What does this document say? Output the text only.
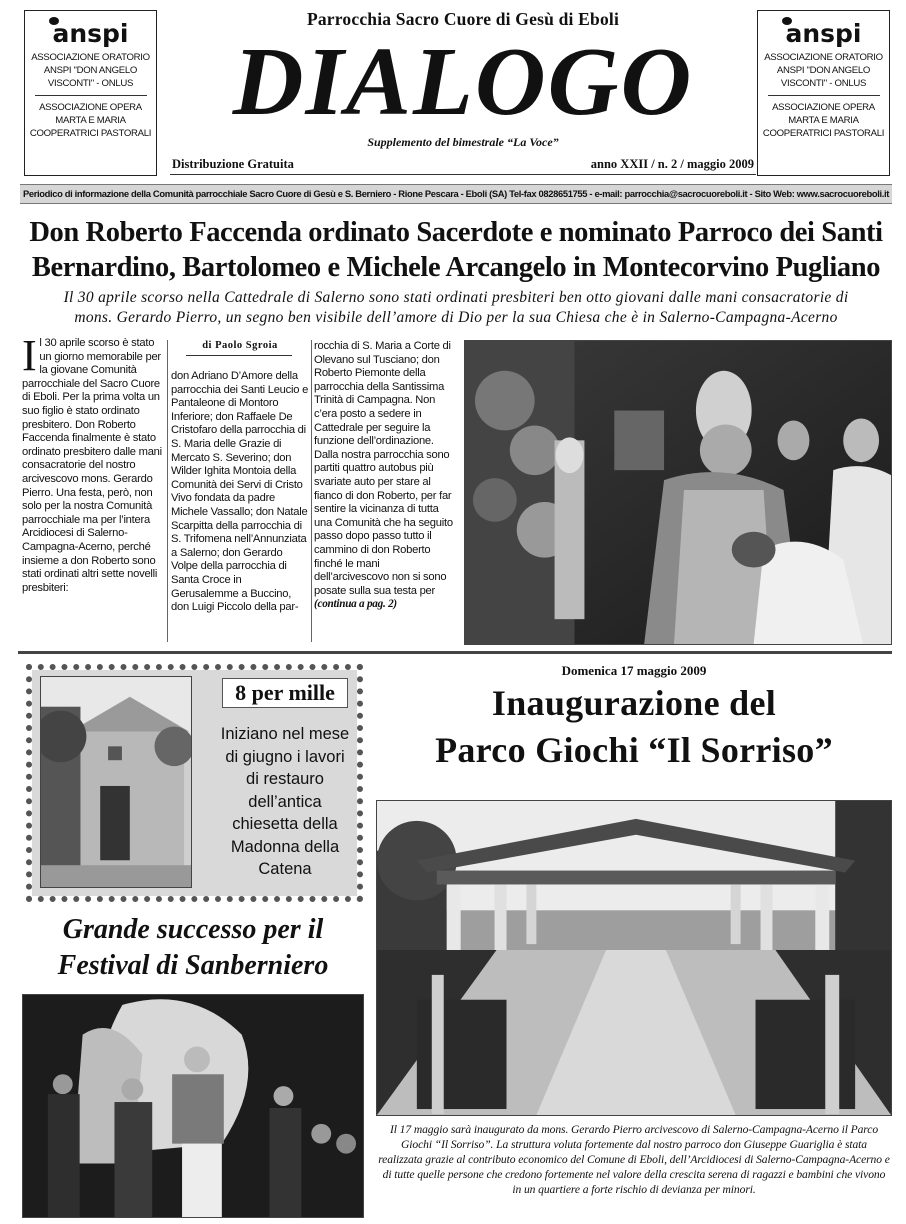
anspi
ASSOCIAZIONE ORATORIO
ANSPI "DON ANGELO
VISCONTI" - ONLUS
ASSOCIAZIONE OPERA
MARTA E MARIA
COOPERATRICI PASTORALI
anspi
ASSOCIAZIONE ORATORIO
ANSPI "DON ANGELO
VISCONTI" - ONLUS
ASSOCIAZIONE OPERA
MARTA E MARIA
COOPERATRICI PASTORALI
Parrocchia Sacro Cuore di Gesù di Eboli
DIALOGO
Supplemento del bimestrale “La Voce”
Distribuzione Gratuita	anno XXII / n. 2 / maggio 2009
Periodico di informazione della Comunità parrocchiale Sacro Cuore di Gesù e S. Berniero - Rione Pescara - Eboli (SA) Tel-fax 0828651755 - e-mail: parrocchia@sacrocuoreboli.it - Sito Web: www.sacrocuoreboli.it
Don Roberto Faccenda ordinato Sacerdote e nominato Parroco dei Santi
Bernardino, Bartolomeo e Michele Arcangelo in Montecorvino Pugliano
Il 30 aprile scorso nella Cattedrale di Salerno sono stati ordinati presbiteri ben otto giovani dalle mani consacratorie di
mons. Gerardo Pierro, un segno ben visibile dell’amore di Dio per la sua Chiesa che è in Salerno-Campagna-Acerno
I l 30 aprile scorso è stato un giorno memorabile per la giovane Comunità parrocchiale del Sacro Cuore di Eboli. Per la prima volta un suo figlio è stato ordinato presbitero. Don Roberto Faccenda finalmente è stato ordinato presbitero dalle mani consacratorie del nostro arcivescovo mons. Gerardo Pierro. Una festa, però, non solo per la nostra Comunità parrocchiale ma per l’intera Arcidiocesi di Salerno-Campagna-Acerno, perché insieme a don Roberto sono stati ordinati altri sette novelli presbiteri:

di Paolo Sgroia

don Adriano D’Amore della parrocchia dei Santi Leucio e Pantaleone di Montoro Inferiore; don Raffaele De Cristofaro della parrocchia di S. Maria delle Grazie di Mercato S. Severino; don Wilder Ighita Montoia della Comunità dei Servi di Cristo Vivo fondata da padre Michele Vassallo; don Natale Scarpitta della parrocchia di S. Trifomena nell’Annunziata a Salerno; don Gerardo Volpe della parrocchia di Santa Croce in Gerusalemme a Buccino, don Luigi Piccolo della par-

rocchia di S. Maria a Corte di Olevano sul Tusciano; don Roberto Piemonte della parrocchia della Santissima Trinità di Campagna. Non c’era posto a sedere in Cattedrale per seguire la funzione dell’ordinazione. Dalla nostra parrocchia sono partiti quattro autobus più svariate auto per stare al fianco di don Roberto, per far sentire la vicinanza di tutta una Comunità che ha seguito passo dopo passo tutto il cammino di don Roberto finché le mani dell’arcivescovo non si sono posate sulla sua testa per

(continua a pag. 2)

8 per mille
Iniziano nel mese di giugno i lavori di restauro dell’antica chiesetta della Madonna della Catena
Grande successo per il
Festival di Sanberniero
Domenica 17 maggio 2009
Inaugurazione del
Parco Giochi “Il Sorriso”
Il 17 maggio sarà inaugurato da mons. Gerardo Pierro arcivescovo di Salerno-Campagna-Acerno il Parco Giochi “Il Sorriso”. La struttura voluta fortemente dal nostro parroco don Giuseppe Guariglia è stata realizzata grazie al contributo economico del Comune di Eboli, dell’Arcidiocesi di Salerno-Campagna-Acerno e di tutte quelle persone che credono fortemente nel valore della crescita serena di ragazzi e bambini che vivono in un quartiere a forte rischio di devianza per minori.
